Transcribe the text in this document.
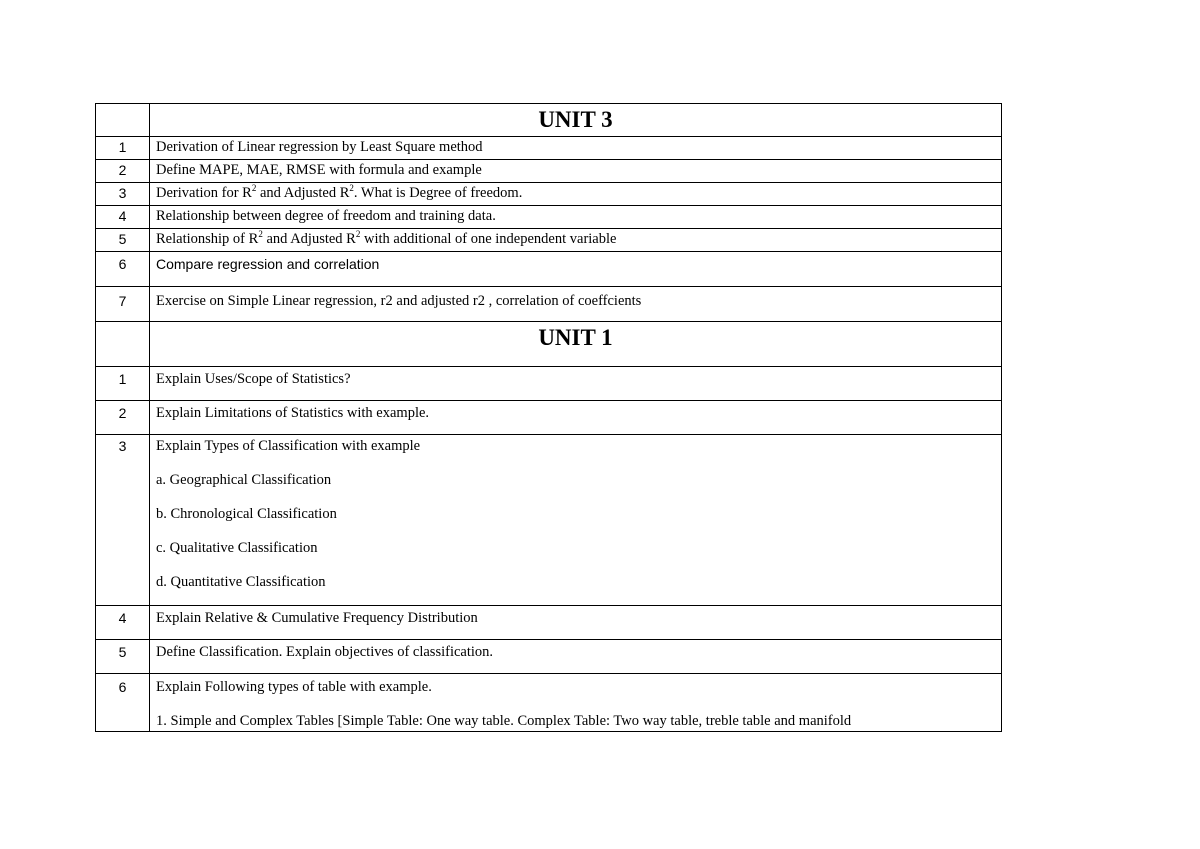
	UNIT 3
1	Derivation of Linear regression by Least Square method
2	Define MAPE, MAE, RMSE with formula and example
3	Derivation for $R^2$ and Adjusted $R^2$. What is Degree of freedom.
4	Relationship between degree of freedom and training data.
5	Relationship of $R^2$ and Adjusted $R^2$ with additional of one independent variable

6	Compare regression and correlation

7	Exercise on Simple Linear regression, r2 and adjusted r2 , correlation of coeffcients

	UNIT 1

1	Explain Uses/Scope of Statistics?

2	Explain Limitations of Statistics with example.

3	Explain Types of Classification with example
a. Geographical Classification
b. Chronological Classification
c. Qualitative Classification
d. Quantitative Classification

4	Explain Relative & Cumulative Frequency Distribution

5	Define Classification. Explain objectives of classification.

6	Explain Following types of table with example.
1. Simple and Complex Tables [Simple Table: One way table. Complex Table: Two way table, treble table and manifold
